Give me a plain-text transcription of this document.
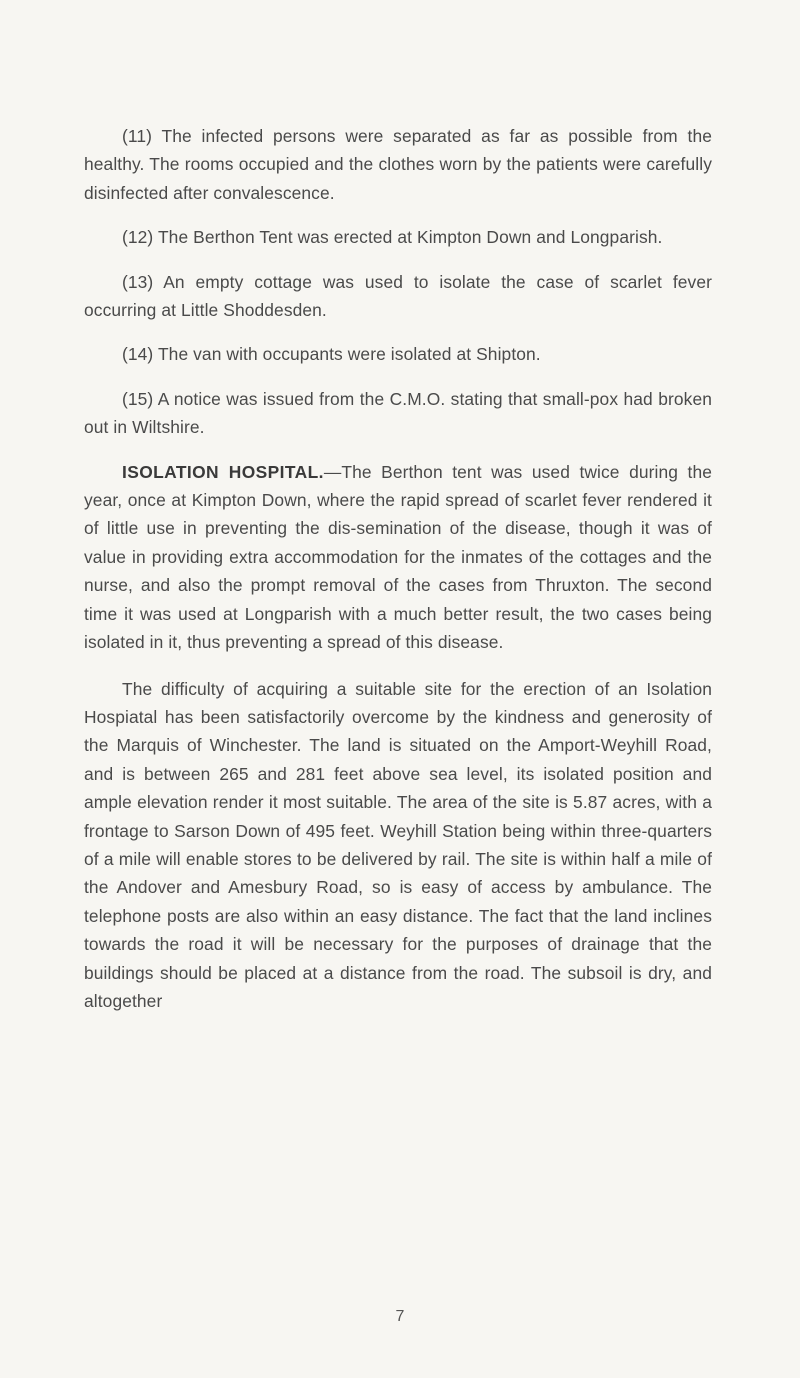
(11) The infected persons were separated as far as possible from the healthy. The rooms occupied and the clothes worn by the patients were carefully disinfected after convalescence.

(12) The Berthon Tent was erected at Kimpton Down and Longparish.

(13) An empty cottage was used to isolate the case of scarlet fever occurring at Little Shoddesden.

(14) The van with occupants were isolated at Shipton.

(15) A notice was issued from the C.M.O. stating that small-pox had broken out in Wiltshire.

ISOLATION HOSPITAL.—The Berthon tent was used twice during the year, once at Kimpton Down, where the rapid spread of scarlet fever rendered it of little use in preventing the dis-semination of the disease, though it was of value in providing extra accommodation for the inmates of the cottages and the nurse, and also the prompt removal of the cases from Thruxton. The second time it was used at Longparish with a much better result, the two cases being isolated in it, thus preventing a spread of this disease.

The difficulty of acquiring a suitable site for the erection of an Isolation Hospiatal has been satisfactorily overcome by the kindness and generosity of the Marquis of Winchester. The land is situated on the Amport-Weyhill Road, and is between 265 and 281 feet above sea level, its isolated position and ample elevation render it most suitable. The area of the site is 5.87 acres, with a frontage to Sarson Down of 495 feet. Weyhill Station being within three-quarters of a mile will enable stores to be delivered by rail. The site is within half a mile of the Andover and Amesbury Road, so is easy of access by ambulance. The telephone posts are also within an easy distance. The fact that the land inclines towards the road it will be necessary for the purposes of drainage that the buildings should be placed at a distance from the road. The subsoil is dry, and altogether

7
